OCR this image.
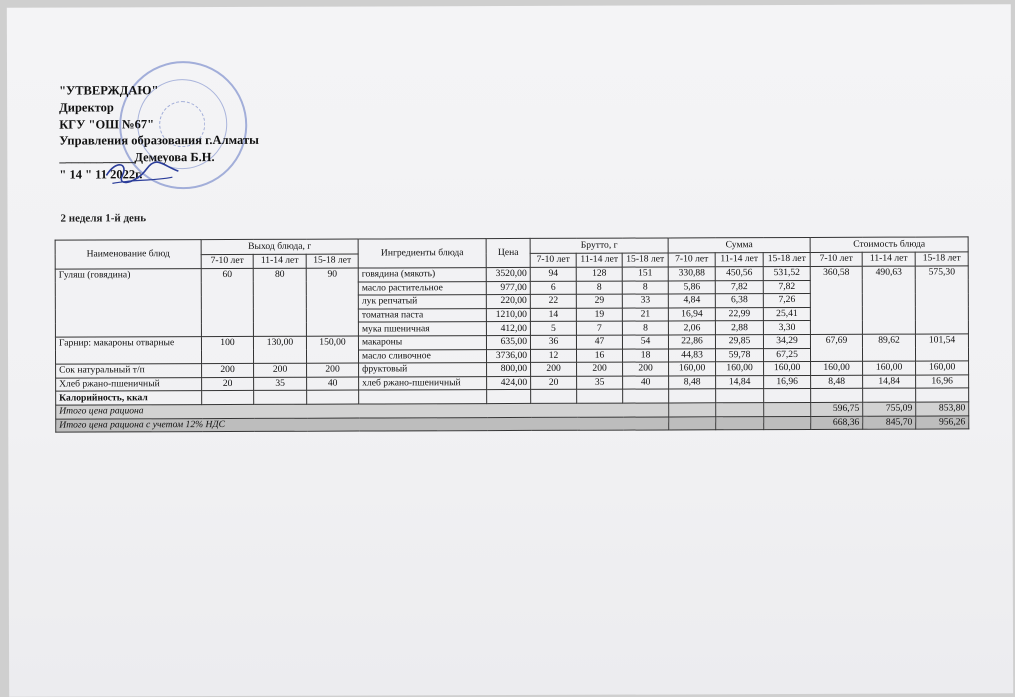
"УТВЕРЖДАЮ"
Директор
КГУ "ОШ №67"
Управления образования г.Алматы
____________Демеуова Б.Н.
" 14 " 11 2022г.
2 неделя 1-й день
Наименование блюд	Выход блюда, г			Ингредиенты блюда	Цена	Брутто, г			Сумма			Стоимость блюда		
	7-10 лет	11-14 лет	15-18 лет			7-10 лет	11-14 лет	15-18 лет	7-10 лет	11-14 лет	15-18 лет	7-10 лет	11-14 лет	15-18 лет
Гуляш (говядина)	60	80	90	говядина (мякоть)	3520,00	94	128	151	330,88	450,56	531,52	360,58	490,63	575,30
				масло растительное	977,00	6	8	8	5,86	7,82	7,82			
				лук репчатый	220,00	22	29	33	4,84	6,38	7,26			
				томатная паста	1210,00	14	19	21	16,94	22,99	25,41			
				мука пшеничная	412,00	5	7	8	2,06	2,88	3,30			
Гарнир: макароны отварные	100	130,00	150,00	макароны	635,00	36	47	54	22,86	29,85	34,29	67,69	89,62	101,54
				масло сливочное	3736,00	12	16	18	44,83	59,78	67,25			
Сок натуральный т/п	200	200	200	фруктовый	800,00	200	200	200	160,00	160,00	160,00	160,00	160,00	160,00
Хлеб ржано-пшеничный	20	35	40	хлеб ржано-пшеничный	424,00	20	35	40	8,48	14,84	16,96	8,48	14,84	16,96
Калорийность, ккал														
Итого цена рациона												596,75	755,09	853,80
Итого цена рациона с учетом 12% НДС												668,36	845,70	956,26
